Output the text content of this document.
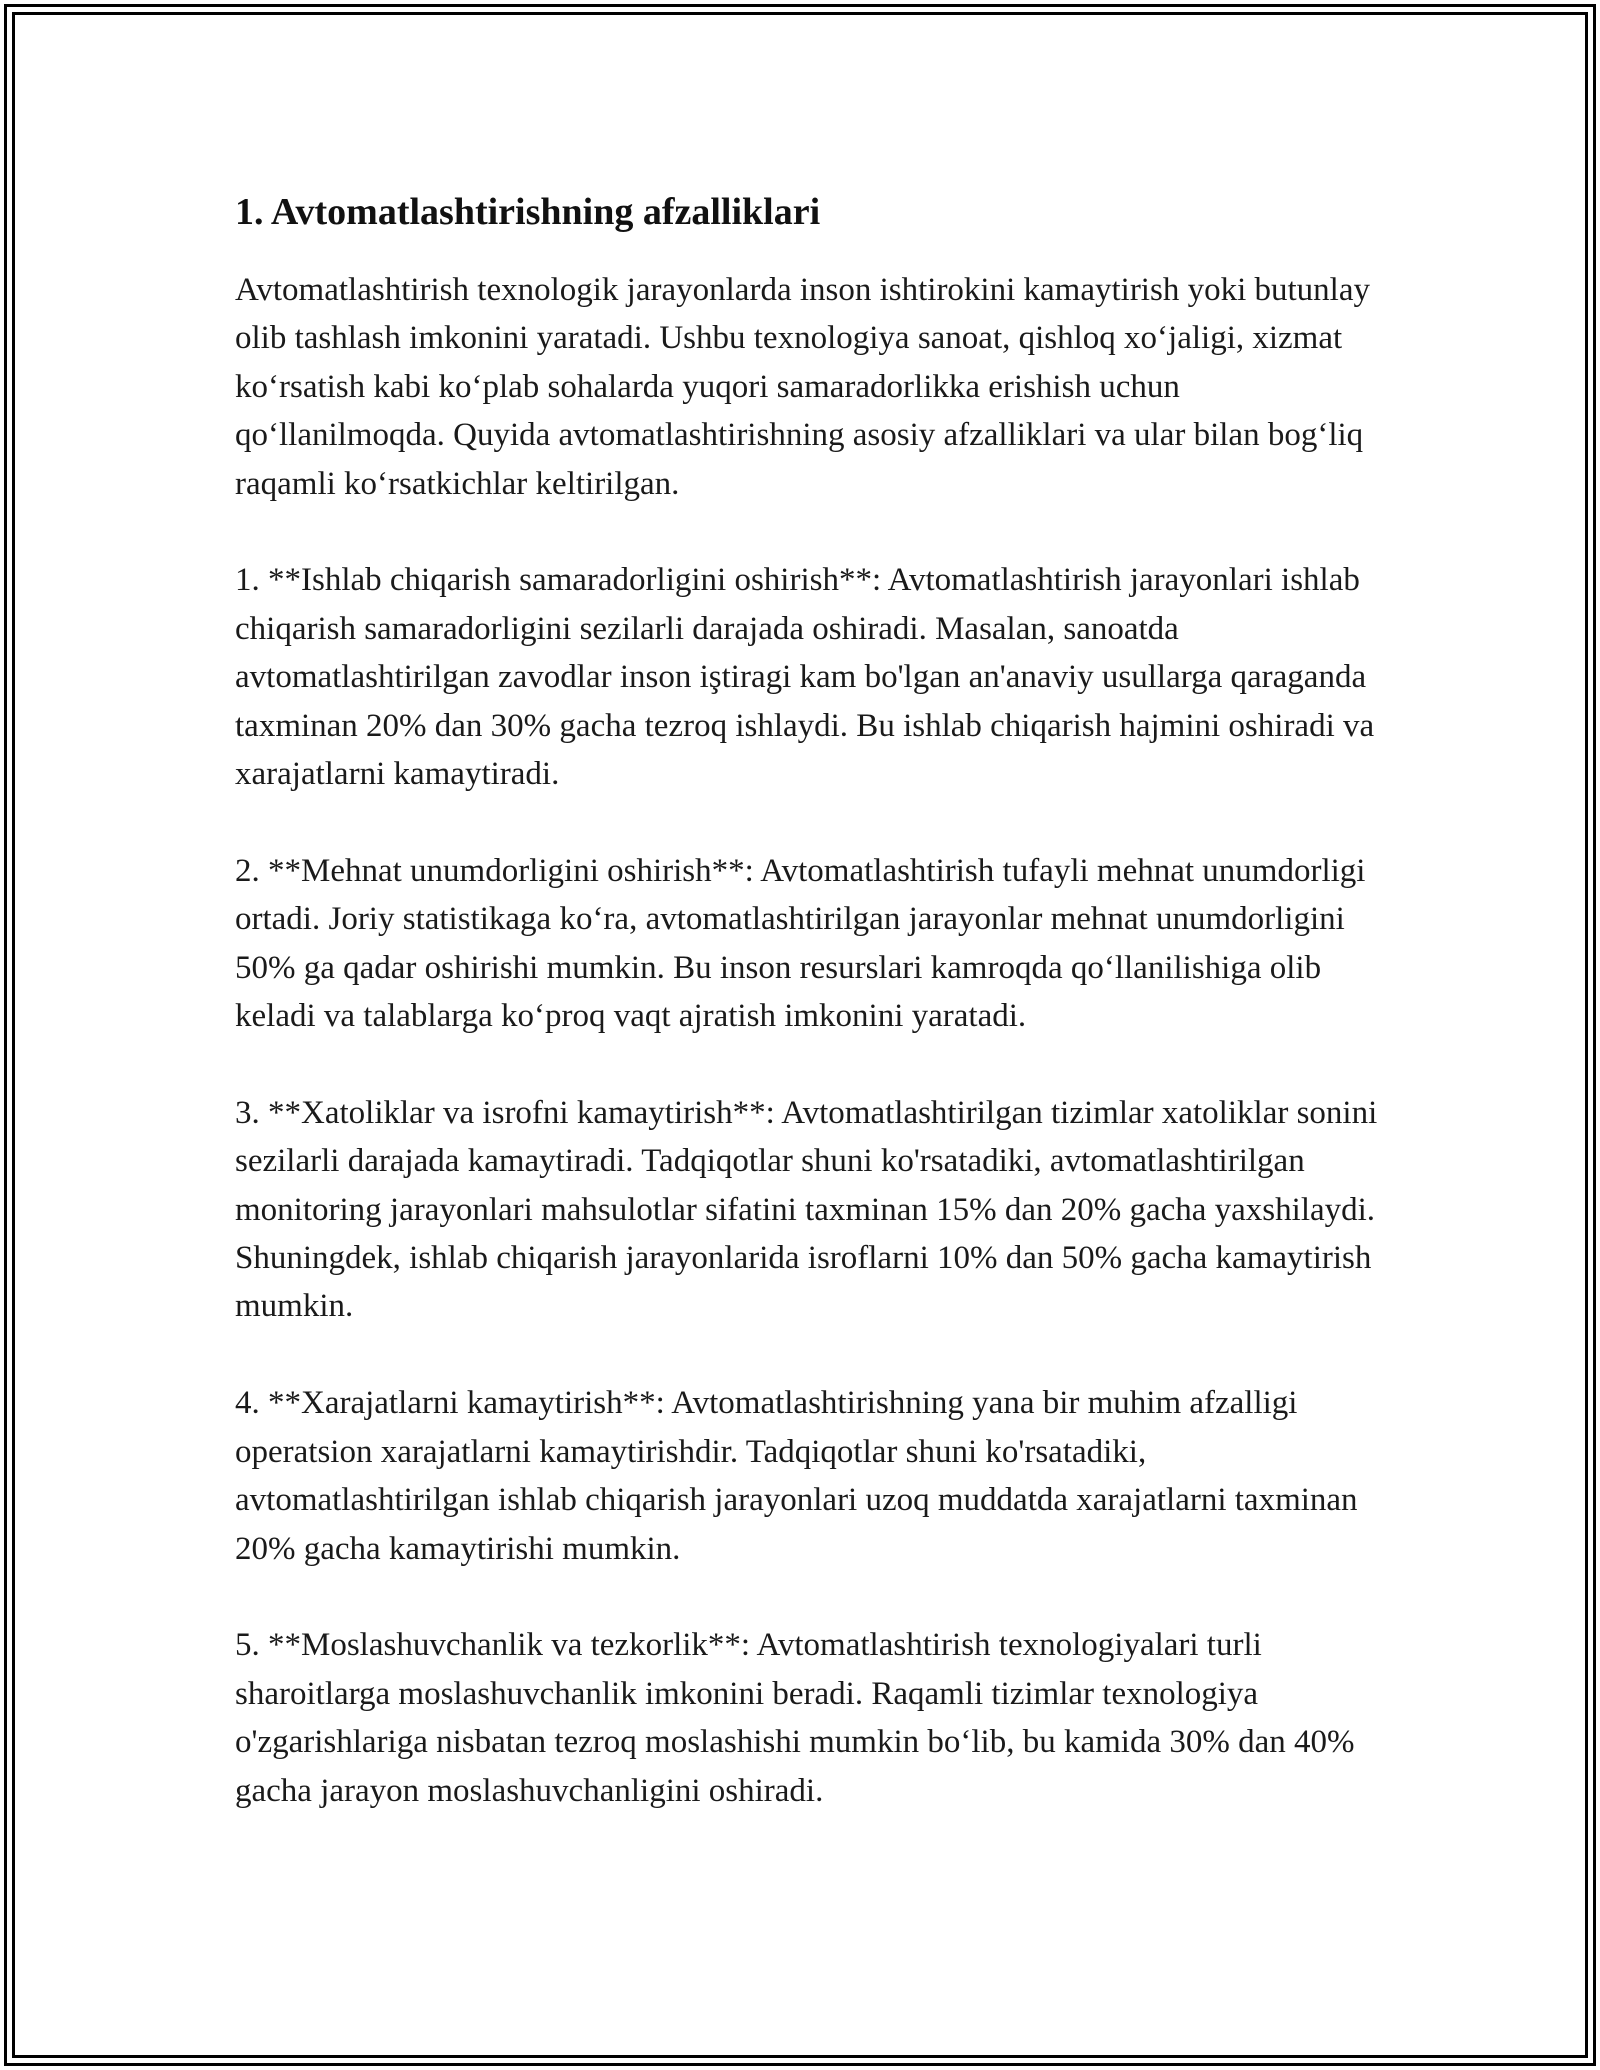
1. Avtomatlashtirishning afzalliklari

Avtomatlashtirish texnologik jarayonlarda inson ishtirokini kamaytirish yoki butunlay olib tashlash imkonini yaratadi. Ushbu texnologiya sanoat, qishloq xo‘jaligi, xizmat ko‘rsatish kabi ko‘plab sohalarda yuqori samaradorlikka erishish uchun qo‘llanilmoqda. Quyida avtomatlashtirishning asosiy afzalliklari va ular bilan bog‘liq raqamli ko‘rsatkichlar keltirilgan.

1. **Ishlab chiqarish samaradorligini oshirish**: Avtomatlashtirish jarayonlari ishlab chiqarish samaradorligini sezilarli darajada oshiradi. Masalan, sanoatda avtomatlashtirilgan zavodlar inson iştiragi kam bo'lgan an'anaviy usullarga qaraganda taxminan 20% dan 30% gacha tezroq ishlaydi. Bu ishlab chiqarish hajmini oshiradi va xarajatlarni kamaytiradi.

2. **Mehnat unumdorligini oshirish**: Avtomatlashtirish tufayli mehnat unumdorligi ortadi. Joriy statistikaga ko‘ra, avtomatlashtirilgan jarayonlar mehnat unumdorligini 50% ga qadar oshirishi mumkin. Bu inson resurslari kamroqda qo‘llanilishiga olib keladi va talablarga ko‘proq vaqt ajratish imkonini yaratadi.

3. **Xatoliklar va isrofni kamaytirish**: Avtomatlashtirilgan tizimlar xatoliklar sonini sezilarli darajada kamaytiradi. Tadqiqotlar shuni ko'rsatadiki, avtomatlashtirilgan monitoring jarayonlari mahsulotlar sifatini taxminan 15% dan 20% gacha yaxshilaydi. Shuningdek, ishlab chiqarish jarayonlarida isroflarni 10% dan 50% gacha kamaytirish mumkin.

4. **Xarajatlarni kamaytirish**: Avtomatlashtirishning yana bir muhim afzalligi operatsion xarajatlarni kamaytirishdir. Tadqiqotlar shuni ko'rsatadiki, avtomatlashtirilgan ishlab chiqarish jarayonlari uzoq muddatda xarajatlarni taxminan 20% gacha kamaytirishi mumkin.

5. **Moslashuvchanlik va tezkorlik**: Avtomatlashtirish texnologiyalari turli sharoitlarga moslashuvchanlik imkonini beradi. Raqamli tizimlar texnologiya o'zgarishlariga nisbatan tezroq moslashishi mumkin bo‘lib, bu kamida 30% dan 40% gacha jarayon moslashuvchanligini oshiradi.
